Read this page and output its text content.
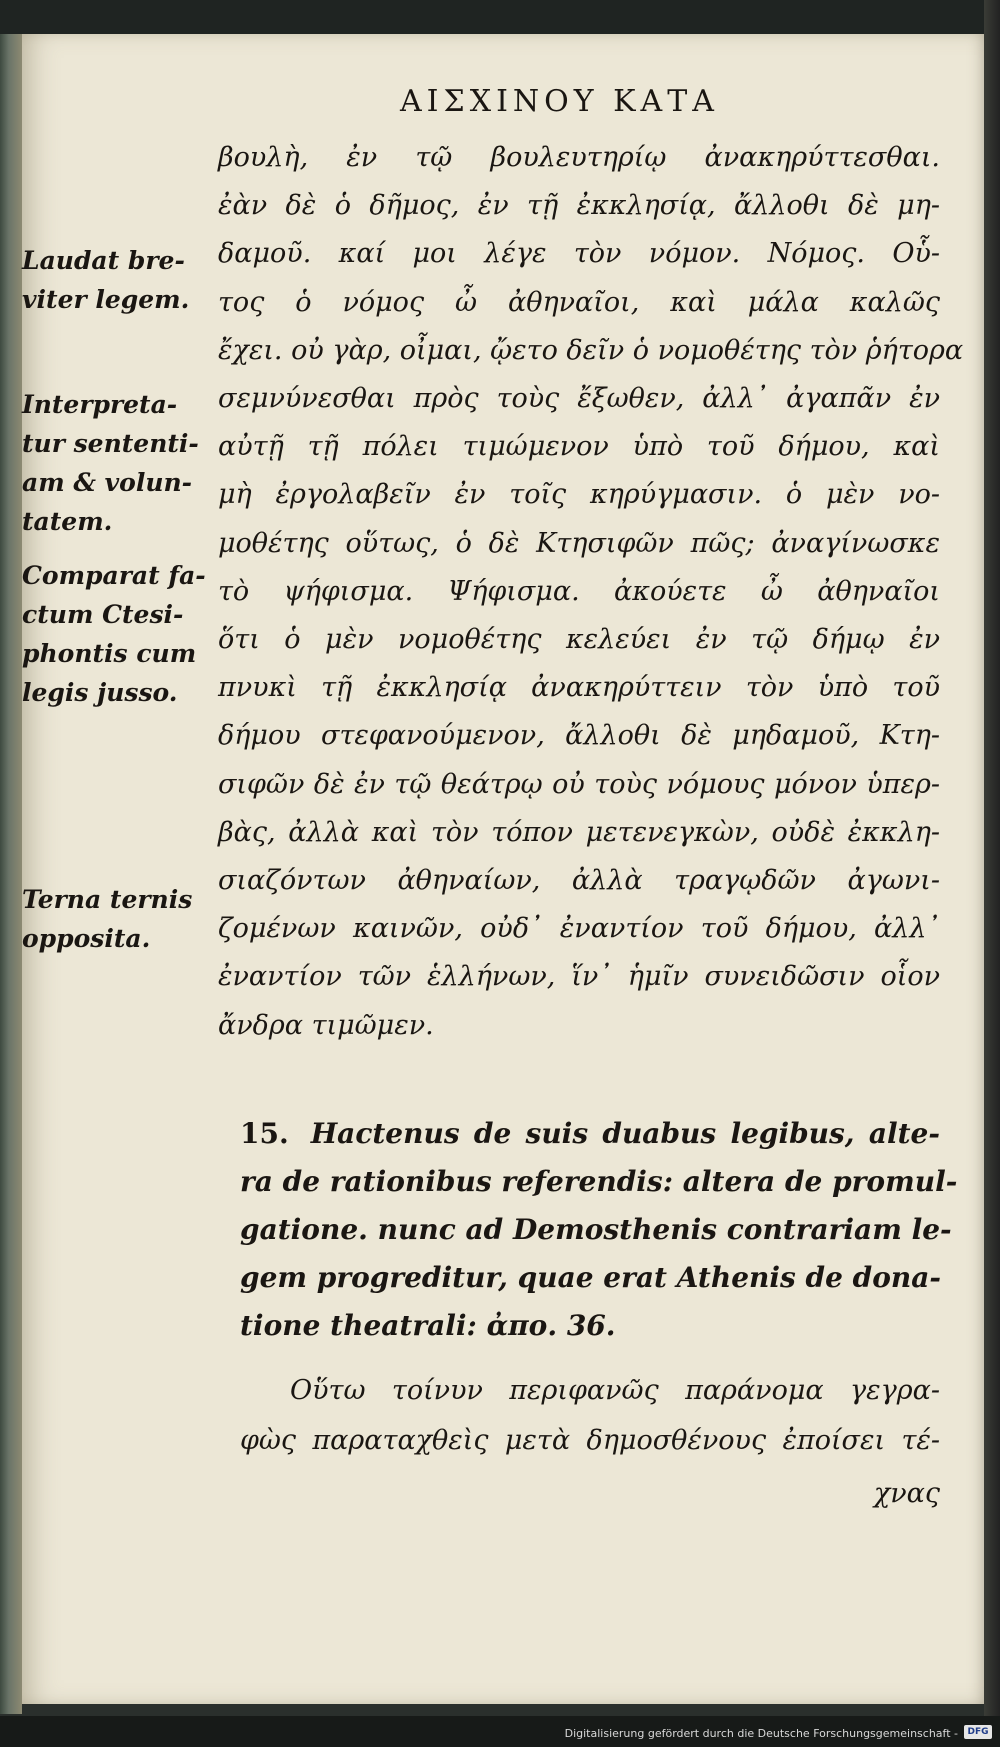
ΑΙΣΧΙΝΟΥ ΚΑΤΑ
βουλὴ, ἐν τῷ βουλευτηρίῳ ἀνακηρύττεσθαι.
ἐὰν δὲ ὁ δῆμος, ἐν τῇ ἐκκλησίᾳ, ἄλλοθι δὲ μη-
δαμοῦ. καί μοι λέγε τὸν νόμον. Νόμος. Οὗ-
τος ὁ νόμος ὦ ἀθηναῖοι, καὶ μάλα καλῶς
ἔχει. οὐ γὰρ, οἶμαι, ᾤετο δεῖν ὁ νομοθέτης τὸν ῥήτορα
σεμνύνεσθαι πρὸς τοὺς ἔξωθεν, ἀλλ᾽ ἀγαπᾶν ἐν
αὐτῇ τῇ πόλει τιμώμενον ὑπὸ τοῦ δήμου, καὶ
μὴ ἐργολαβεῖν ἐν τοῖς κηρύγμασιν. ὁ μὲν νο-
μοθέτης οὕτως, ὁ δὲ Κτησιφῶν πῶς; ἀναγίνωσκε
τὸ ψήφισμα. Ψήφισμα. ἀκούετε ὦ ἀθηναῖοι
ὅτι ὁ μὲν νομοθέτης κελεύει ἐν τῷ δήμῳ ἐν
πνυκὶ τῇ ἐκκλησίᾳ ἀνακηρύττειν τὸν ὑπὸ τοῦ
δήμου στεφανούμενον, ἄλλοθι δὲ μηδαμοῦ, Κτη-
σιφῶν δὲ ἐν τῷ θεάτρῳ οὐ τοὺς νόμους μόνον ὑπερ-
βὰς, ἀλλὰ καὶ τὸν τόπον μετενεγκὼν, οὐδὲ ἐκκλη-
σιαζόντων ἀθηναίων, ἀλλὰ τραγῳδῶν ἀγωνι-
ζομένων καινῶν, οὐδ᾽ ἐναντίον τοῦ δήμου, ἀλλ᾽
ἐναντίον τῶν ἑλλήνων, ἵν᾽ ἡμῖν συνειδῶσιν οἷον
ἄνδρα τιμῶμεν.
Laudat bre-
viter legem.
Interpreta-
tur sententi-
am & volun-
tatem.
Comparat fa-
ctum Ctesi-
phontis cum
legis jusso.
Terna ternis
opposita.
15. Hactenus de suis duabus legibus, alte-
ra de rationibus referendis: altera de promul-
gatione. nunc ad Demosthenis contrariam le-
gem progreditur, quae erat Athenis de dona-
tione theatrali: ἀπο. 36.
Οὕτω τοίνυν περιφανῶς παράνομα γεγρα-
φὼς παραταχθεὶς μετὰ δημοσθένους ἐποίσει τέ-
χνας
Digitalisierung gefördert durch die Deutsche Forschungsgemeinschaft -	DFG
